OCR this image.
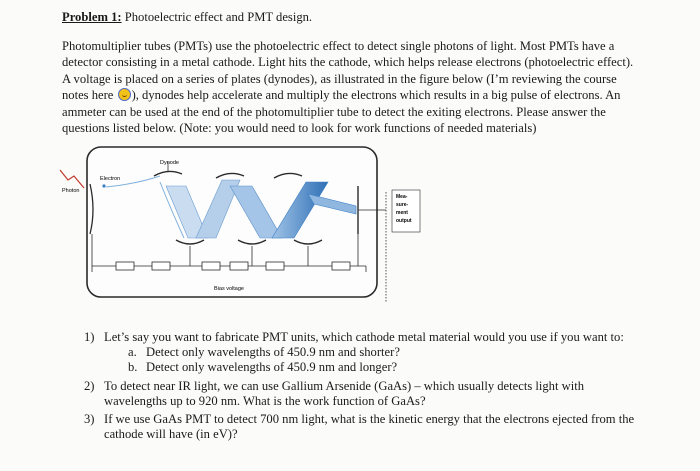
Problem 1: Photoelectric effect and PMT design.
Photomultiplier tubes (PMTs) use the photoelectric effect to detect single photons of light. Most PMTs have a
detector consisting in a metal cathode. Light hits the cathode, which helps release electrons (photoelectric effect).
A voltage is placed on a series of plates (dynodes), as illustrated in the figure below (I’m reviewing the course
notes here ), dynodes help accelerate and multiply the electrons which results in a big pulse of electrons. An
ammeter can be used at the end of the photomultiplier tube to detect the exiting electrons. Please answer the
questions listed below. (Note: you would need to look for work functions of needed materials)
Photon
Electron
Dynode
Bias voltage
Mea-
sure-
ment
output
1) Let’s say you want to fabricate PMT units, which cathode metal material would you use if you want to:
a. Detect only wavelengths of 450.9 nm and shorter?
b. Detect only wavelengths of 450.9 nm and longer?
2) To detect near IR light, we can use Gallium Arsenide (GaAs) – which usually detects light with
wavelengths up to 920 nm. What is the work function of GaAs?
3) If we use GaAs PMT to detect 700 nm light, what is the kinetic energy that the electrons ejected from the
cathode will have (in eV)?
